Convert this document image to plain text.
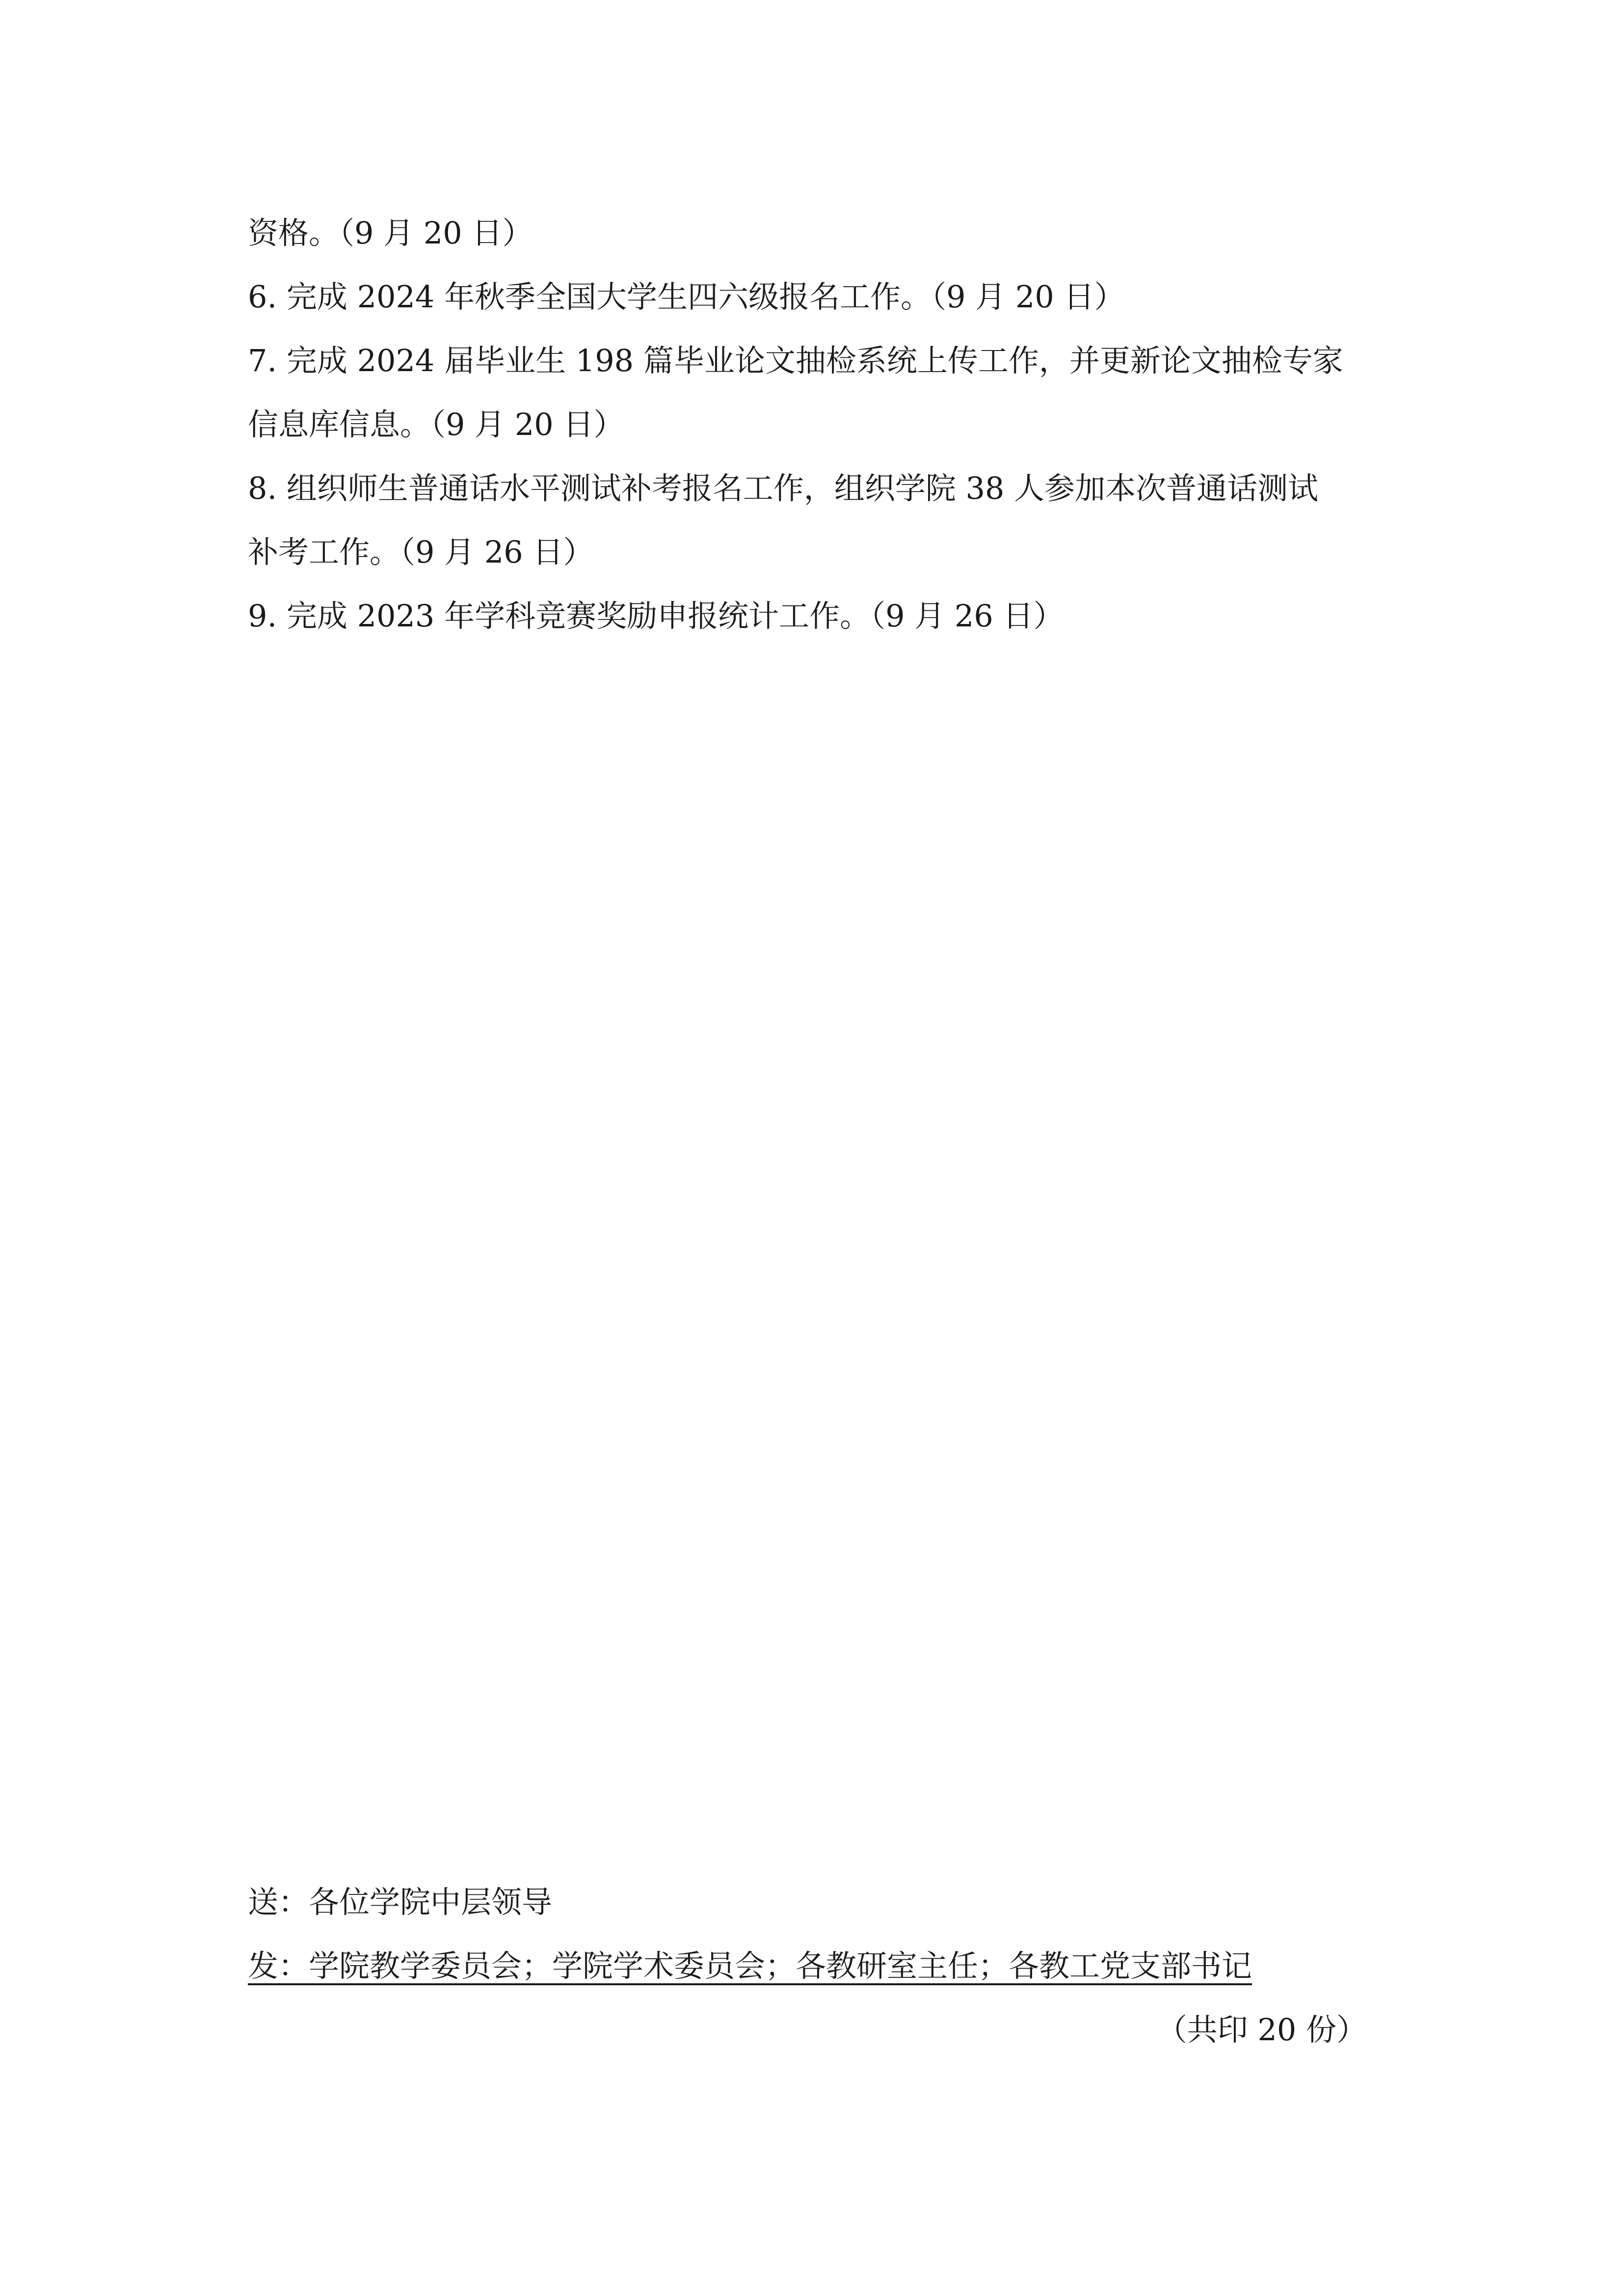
资格。（9 月 20 日）

6. 完成 2024 年秋季全国大学生四六级报名工作。（9 月 20 日）

7. 完成 2024 届毕业生 198 篇毕业论文抽检系统上传工作，并更新论文抽检专家

信息库信息。（9 月 20 日）

8. 组织师生普通话水平测试补考报名工作，组织学院 38 人参加本次普通话测试

补考工作。（9 月 26 日）

9. 完成 2023 年学科竞赛奖励申报统计工作。（9 月 26 日）

送：各位学院中层领导

发：学院教学委员会；学院学术委员会；各教研室主任；各教工党支部书记

（共印 20 份）
